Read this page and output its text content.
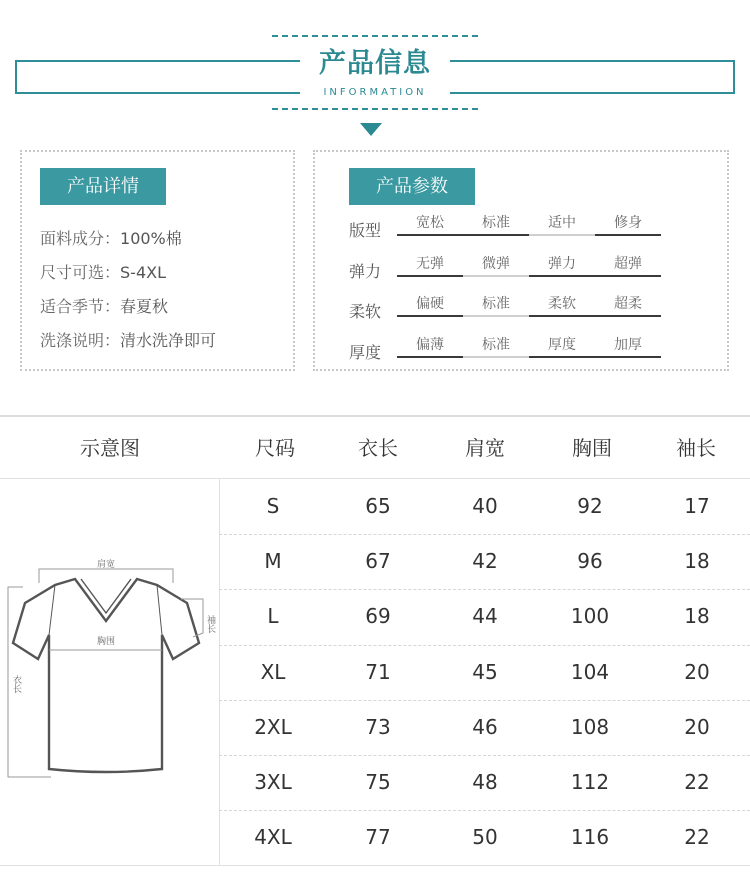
产品信息
INFORMATION
产品详情
面料成分：100%棉
尺寸可选：S-4XL
适合季节：春夏秋
洗涤说明：清水洗净即可
产品参数
版型	宽松	标准	适中	修身
弹力	无弹	微弹	弹力	超弹
柔软	偏硬	标准	柔软	超柔
厚度	偏薄	标准	厚度	加厚
示意图	尺码	衣长	肩宽	胸围	袖长
S	65	40	92	17
M	67	42	96	18
L	69	44	100	18
XL	71	45	104	20
2XL	73	46	108	20
3XL	75	48	112	22
4XL	77	50	116	22
肩宽
胸围
袖长
衣长
